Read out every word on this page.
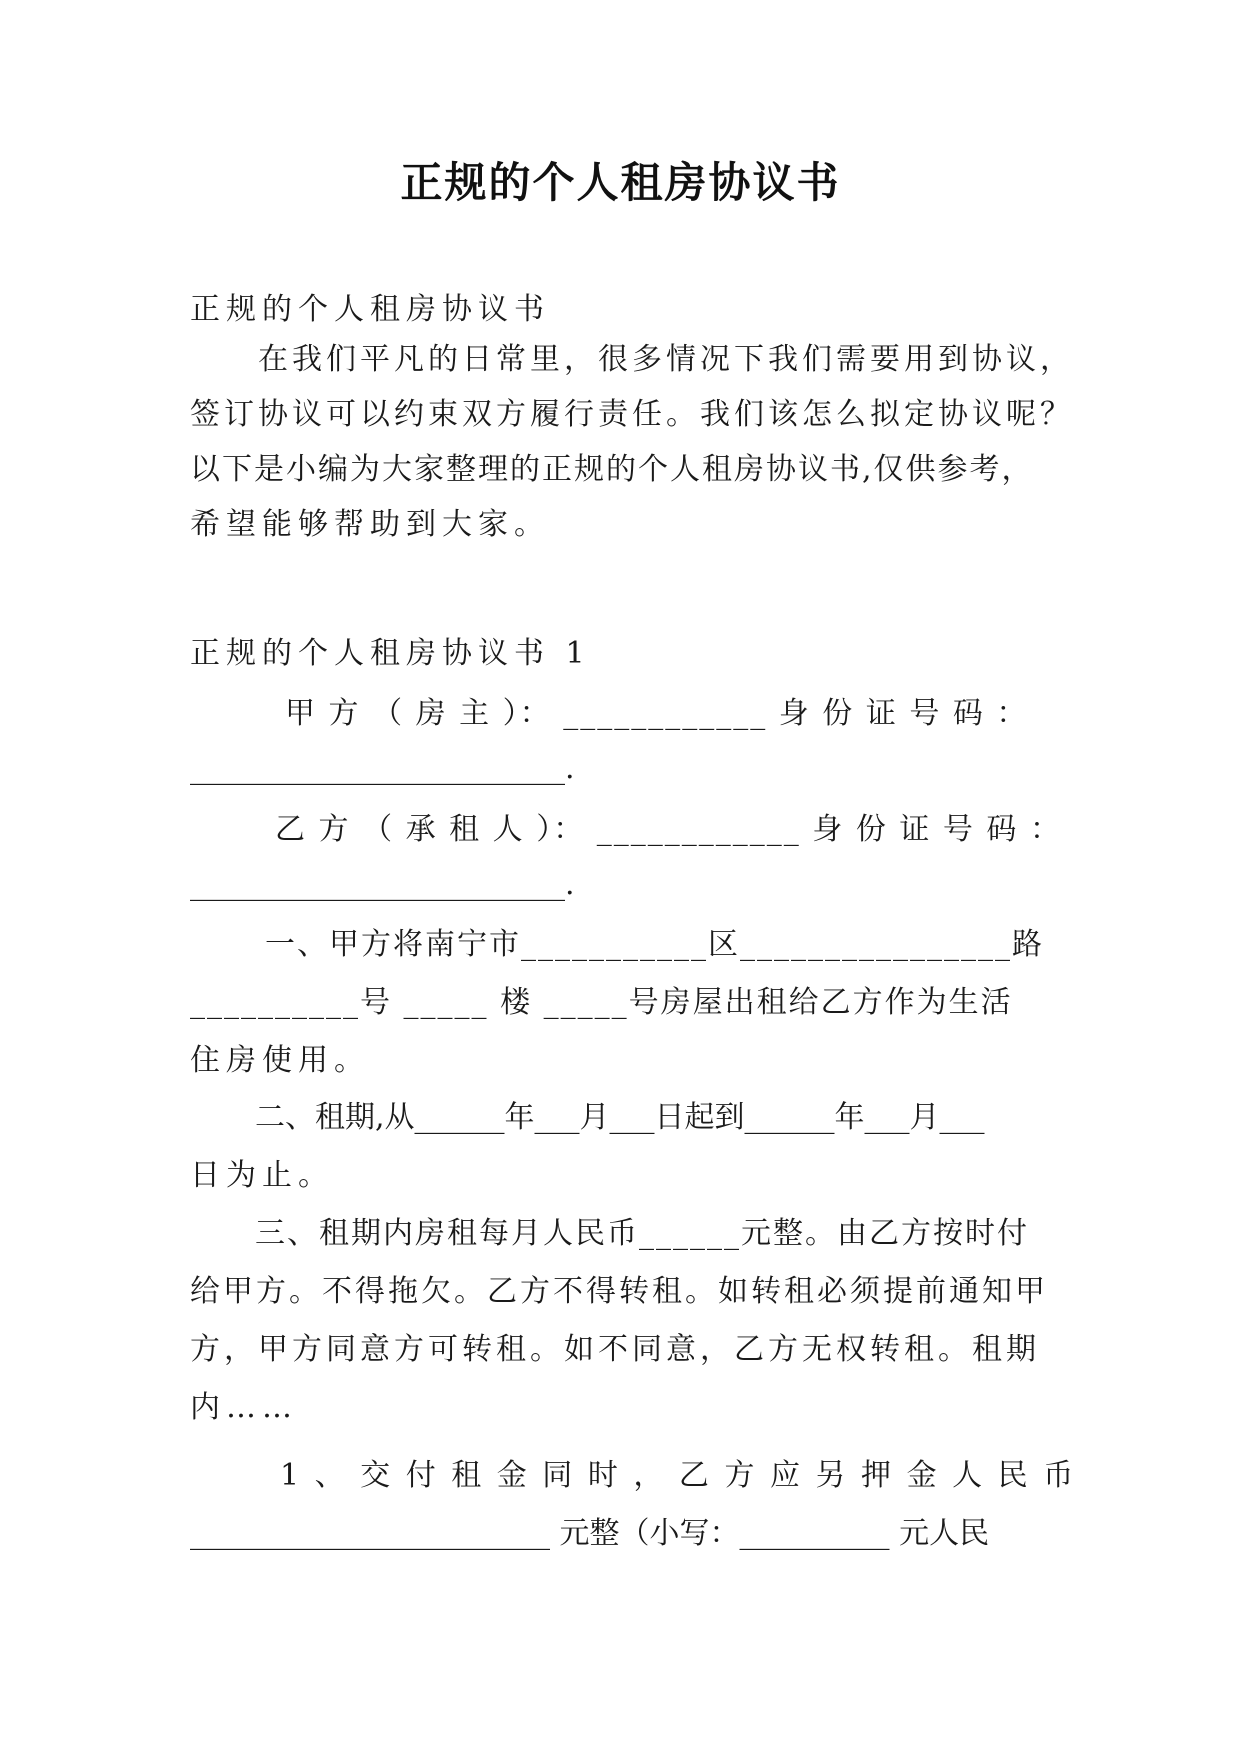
正规的个人租房协议书
正规的个人租房协议书
在我们平凡的日常里，很多情况下我们需要用到协议，
签订协议可以约束双方履行责任。我们该怎么拟定协议呢？
以下是小编为大家整理的正规的个人租房协议书,仅供参考，
希望能够帮助到大家。
正规的个人租房协议书 1
甲 方 （ 房 主 ）： ____________ 身 份 证 号 码 ：
_________________________.
乙 方 （ 承 租 人 ）： ____________ 身 份 证 号 码 ：
_________________________.
一、甲方将南宁市___________区________________路
__________号 _____ 楼 _____号房屋出租给乙方作为生活
住房使用。
二、租期,从______年___月___日起到______年___月___
日为止。
三、租期内房租每月人民币______元整。由乙方按时付
给甲方。不得拖欠。乙方不得转租。如转租必须提前通知甲
方，甲方同意方可转租。如不同意，乙方无权转租。租期
内……
1 、 交 付 租 金 同 时 ， 乙 方 应 另 押 金 人 民 币
________________________ 元整（小写：__________ 元人民
